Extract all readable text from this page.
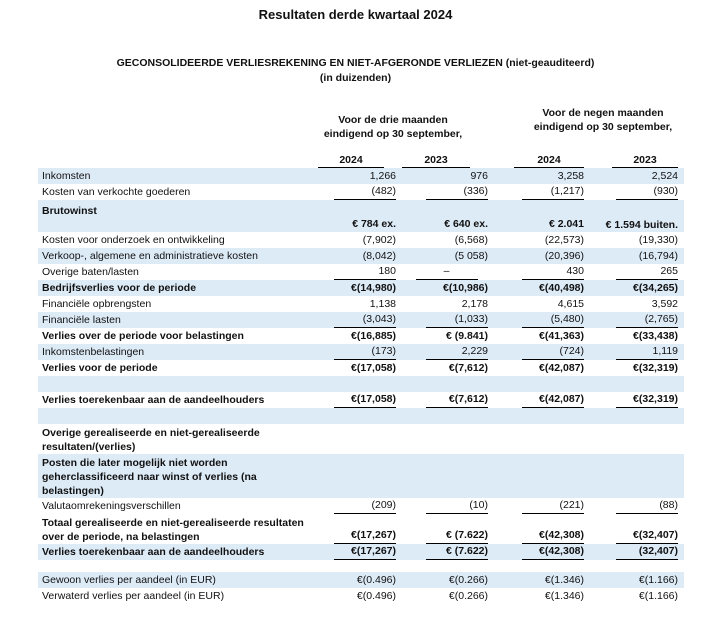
Resultaten derde kwartaal 2024
GECONSOLIDEERDE VERLIESREKENING EN NIET-AFGERONDE VERLIEZEN (niet-geauditeerd)
(in duizenden)
Voor de drie maanden eindigend op 30 september,
Voor de negen maanden eindigend op 30 september,
2024	2023	2024	2023
Inkomsten	1,266	976	3,258	2,524
Kosten van verkochte goederen	(482)	(336)	(1,217)	(930)
Brutowinst	€ 784 ex.	€ 640 ex.	€ 2.041	€ 1.594 buiten.
Kosten voor onderzoek en ontwikkeling	(7,902)	(6,568)	(22,573)	(19,330)
Verkoop-, algemene en administratieve kosten	(8,042)	(5 058)	(20,396)	(16,794)
Overige baten/lasten	180	–	430	265
Bedrijfsverlies voor de periode	€(14,980)	€(10,986)	€(40,498)	€(34,265)
Financiële opbrengsten	1,138	2,178	4,615	3,592
Financiële lasten	(3,043)	(1,033)	(5,480)	(2,765)
Verlies over de periode voor belastingen	€(16,885)	€ (9.841)	€(41,363)	€(33,438)
Inkomstenbelastingen	(173)	2,229	(724)	1,119
Verlies voor de periode	€(17,058)	€(7,612)	€(42,087)	€(32,319)

Verlies toerekenbaar aan de aandeelhouders	€(17,058)	€(7,612)	€(42,087)	€(32,319)

Overige gerealiseerde en niet-gerealiseerde resultaten/(verlies)				
Posten die later mogelijk niet worden geherclassificeerd naar winst of verlies (na belastingen)				
Valutaomrekeningsverschillen	(209)	(10)	(221)	(88)
Totaal gerealiseerde en niet-gerealiseerde resultaten over de periode, na belastingen	€(17,267)	€ (7.622)	€(42,308)	€(32,407)
Verlies toerekenbaar aan de aandeelhouders	€(17,267)	€ (7.622)	€(42,308)	(32,407)

Gewoon verlies per aandeel (in EUR)	€(0.496)	€(0.266)	€(1.346)	€(1.166)
Verwaterd verlies per aandeel (in EUR)	€(0.496)	€(0.266)	€(1.346)	€(1.166)
